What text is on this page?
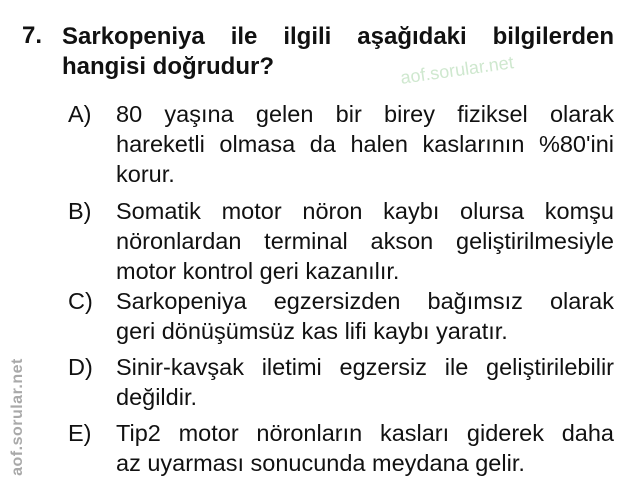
7. Sarkopeniya ile ilgili aşağıdaki bilgilerden
hangisi doğrudur?
A) 80 yaşına gelen bir birey fiziksel olarak
hareketli olmasa da halen kaslarının %80'ini
korur.
B) Somatik motor nöron kaybı olursa komşu
nöronlardan terminal akson geliştirilmesiyle
motor kontrol geri kazanılır.
C) Sarkopeniya egzersizden bağımsız olarak
geri dönüşümsüz kas lifi kaybı yaratır.
D) Sinir-kavşak iletimi egzersiz ile geliştirilebilir
değildir.
E) Tip2 motor nöronların kasları giderek daha
az uyarması sonucunda meydana gelir.
aof.sorular.net
aof.sorular.net
